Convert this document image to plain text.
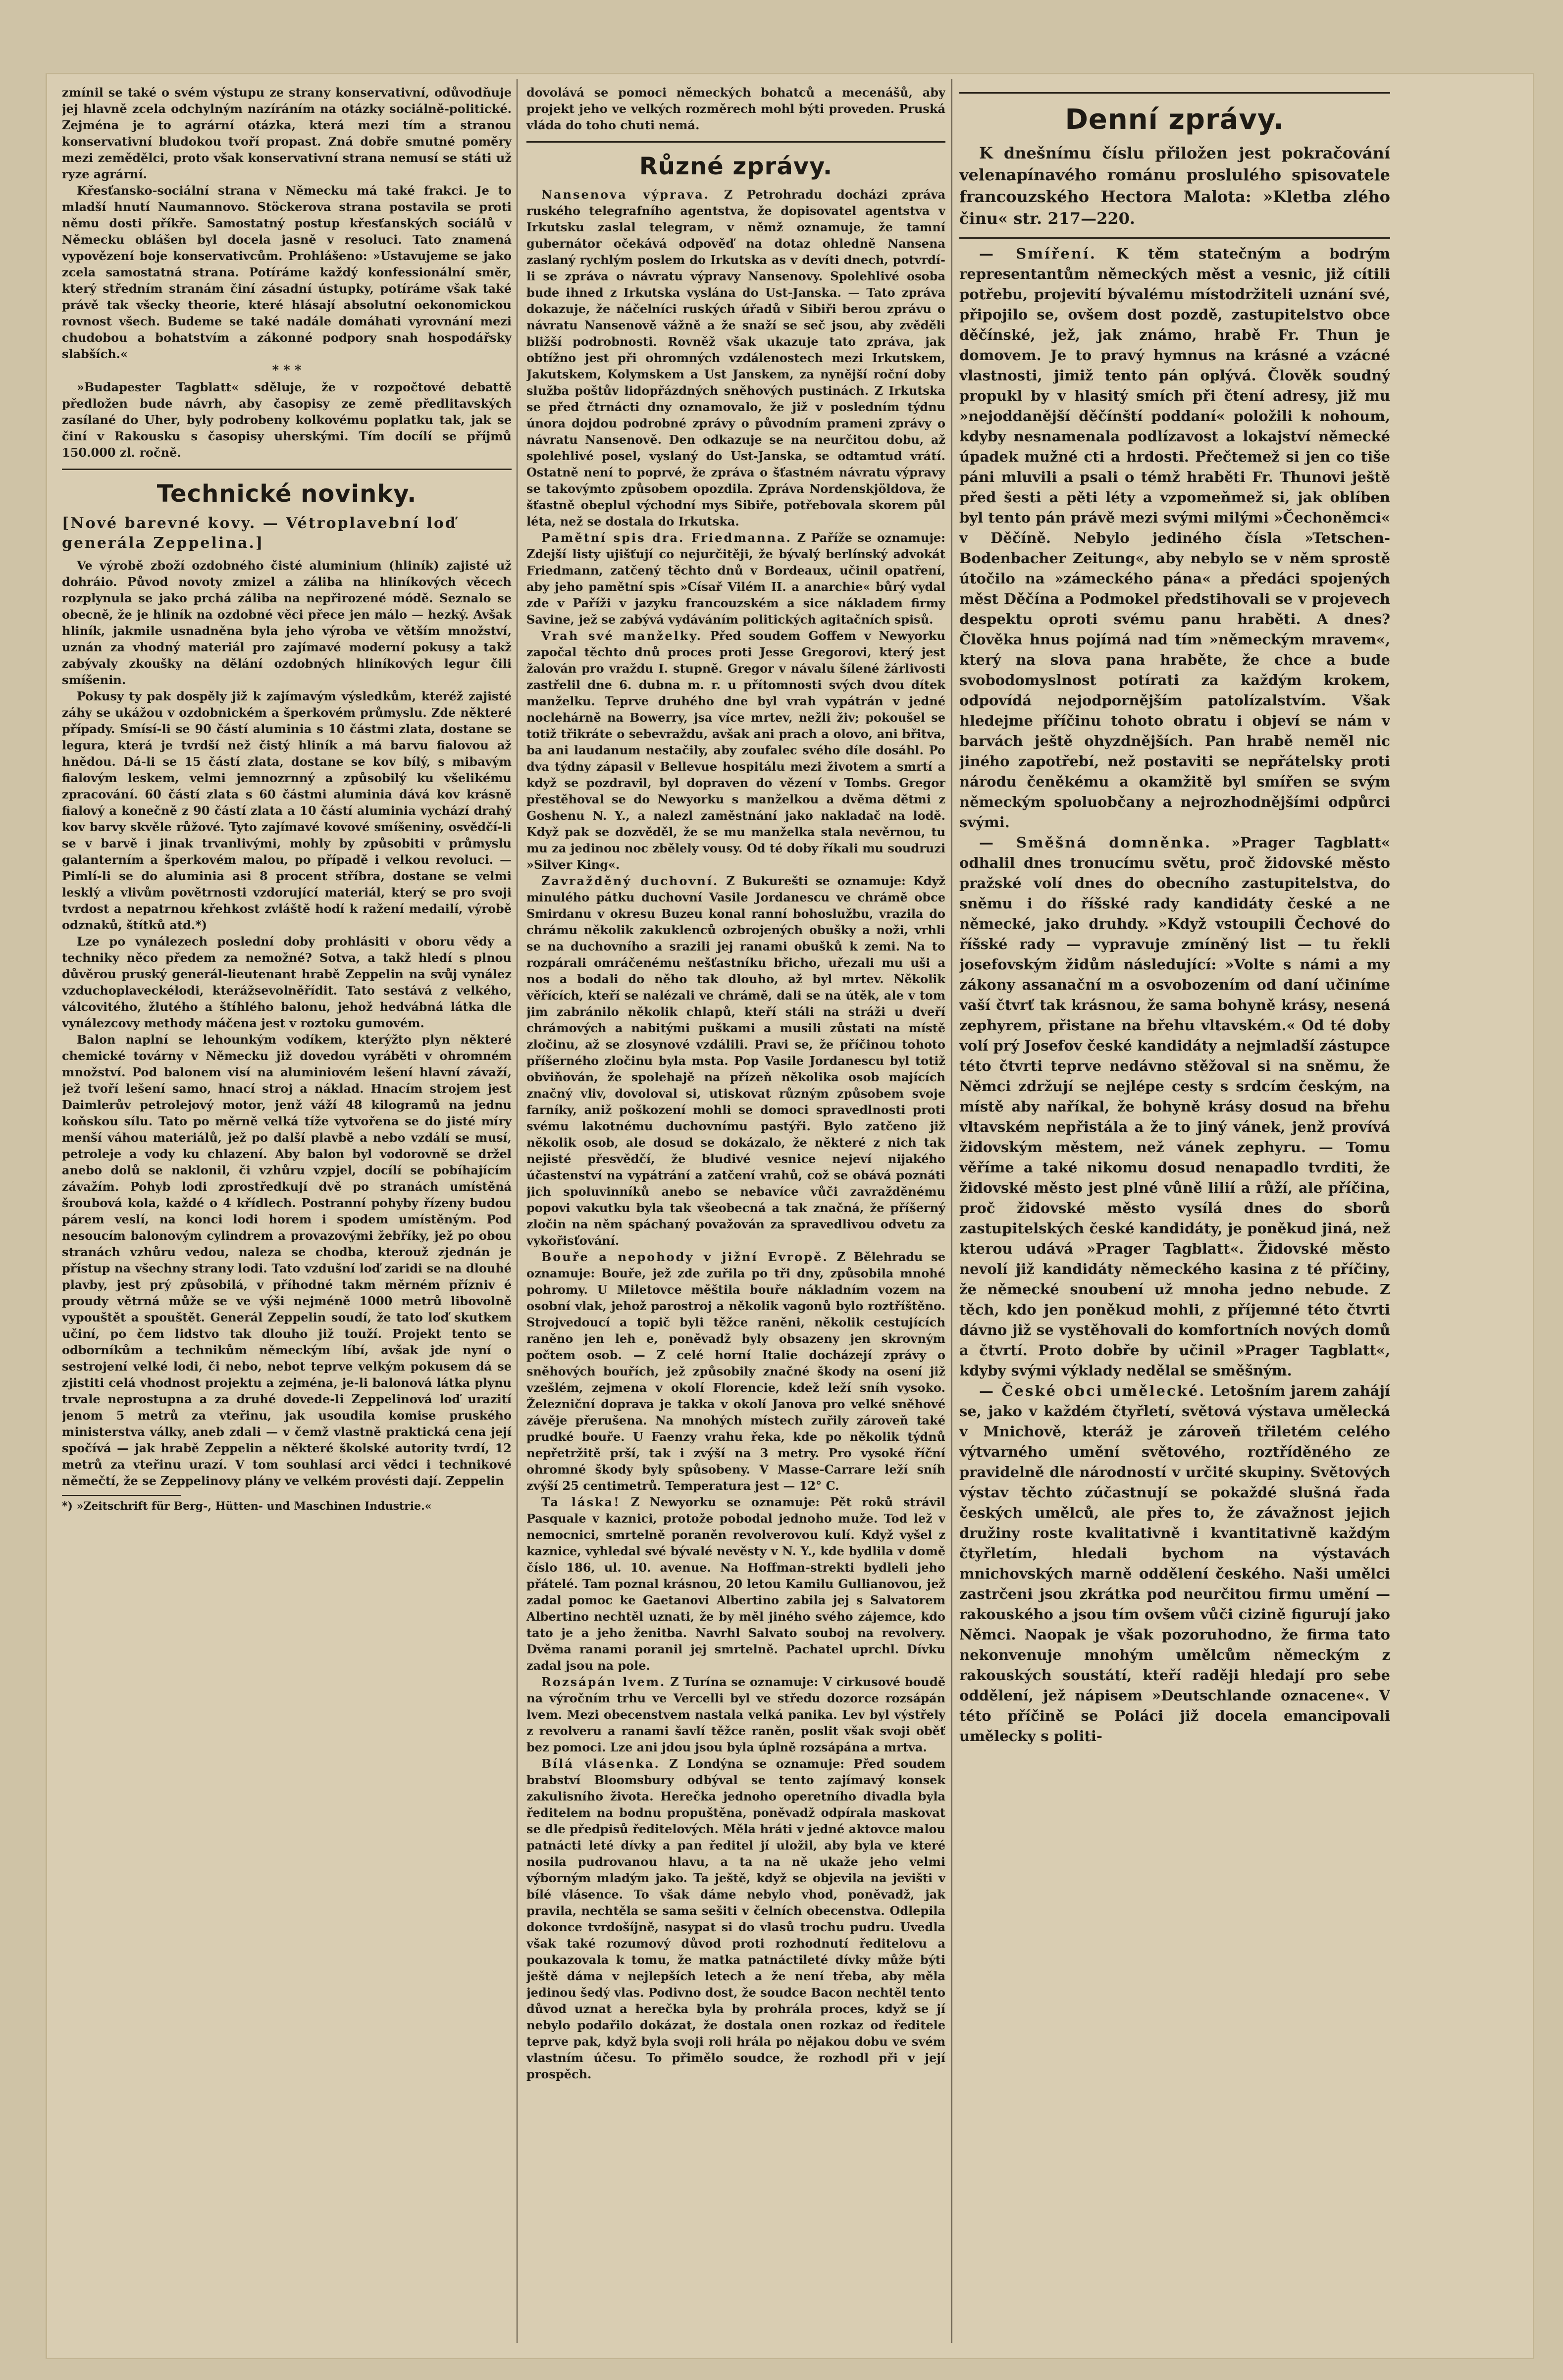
zmínil se také o svém výstupu ze strany konservativní, odůvodňuje jej hlavně zcela odchylným nazíráním na otázky sociálně-politické. Zejména je to agrární otázka, která mezi tím a stranou konservativní bludokou tvoří propast. Zná dobře smutné poměry mezi zemědělci, proto však konservativní strana nemusí se státi už ryze agrární.

Křesťansko-sociální strana v Německu má také frakci. Je to mladší hnutí Naumannovo. Stöckerova strana postavila se proti němu dosti příkře. Samostatný postup křesťanských sociálů v Německu oblášen byl docela jasně v resoluci. Tato znamená vypovězení boje konservativcům. Prohlášeno: »Ustavujeme se jako zcela samostatná strana. Potíráme každý konfessionální směr, který středním stranám činí zásadní ústupky, potíráme však také právě tak všecky theorie, které hlásají absolutní oekonomickou rovnost všech. Budeme se také nadále domáhati vyrovnání mezi chudobou a bohatstvím a zákonné podpory snah hospodářsky slabších.«

* * *

»Budapester Tagblatt« sděluje, že v rozpočtové debattě předložen bude návrh, aby časopisy ze země předlitavských zasílané do Uher, byly podrobeny kolkovému poplatku tak, jak se činí v Rakousku s časopisy uherskými. Tím docílí se příjmů 150.000 zl. ročně.

Technické novinky.

[Nové barevné kovy. — Vétroplavební loď generála Zeppelina.]

Ve výrobě zboží ozdobného čisté aluminium (hliník) zajisté už dohráio. Původ novoty zmizel a záliba na hliníkových věcech rozplynula se jako prchá záliba na nepřirozené módě. Seznalo se obecně, že je hliník na ozdobné věci přece jen málo — hezký. Avšak hliník, jakmile usnadněna byla jeho výroba ve větším množství, uznán za vhodný materiál pro zajímavé moderní pokusy a takž zabývaly zkoušky na dělání ozdobných hliníkových legur čili smíšenin.

Pokusy ty pak dospěly již k zajímavým výsledkům, kteréž zajisté záhy se ukážou v ozdobnickém a šperkovém průmyslu. Zde některé případy. Smísí-li se 90 částí aluminia s 10 částmi zlata, dostane se legura, která je tvrdší než čistý hliník a má barvu fialovou až hnědou. Dá-li se 15 částí zlata, dostane se kov bílý, s mibavým fialovým leskem, velmi jemnozrnný a způsobilý ku všelikému zpracování. 60 částí zlata s 60 částmi aluminia dává kov krásně fialový a konečně z 90 částí zlata a 10 částí aluminia vychází drahý kov barvy skvěle růžové. Tyto zajímavé kovové smíšeniny, osvědčí-li se v barvě i jinak trvanlivými, mohly by způsobiti v průmyslu galanterním a šperkovém malou, po případě i velkou revoluci. — Pimlí-li se do aluminia asi 8 procent stříbra, dostane se velmi lesklý a vlivům povětrnosti vzdorující materiál, který se pro svoji tvrdost a nepatrnou křehkost zvláště hodí k ražení medailí, výrobě odznaků, štítků atd.*)

Lze po vynálezech poslední doby prohlásiti v oboru vědy a techniky něco předem za nemožné? Sotva, a takž hledí s plnou důvěrou pruský generál-lieutenant hrabě Zeppelin na svůj vynález vzduchoplaveckélodi, kterážsevolněřídit. Tato sestává z velkého, válcovitého, žlutého a štíhlého balonu, jehož hedvábná látka dle vynálezcovy methody máčena jest v roztoku gumovém.

Balon naplní se lehounkým vodíkem, kterýžto plyn některé chemické továrny v Německu již dovedou vyráběti v ohromném množství. Pod balonem visí na aluminiovém lešení hlavní závaží, jež tvoří lešení samo, hnací stroj a náklad. Hnacím strojem jest Daimlerův petrolejový motor, jenž váží 48 kilogramů na jednu koňskou sílu. Tato po měrně velká tíže vytvořena se do jisté míry menší váhou materiálů, jež po další plavbě a nebo vzdálí se musí, petroleje a vody ku chlazení. Aby balon byl vodorovně se držel anebo dolů se naklonil, či vzhůru vzpjel, docílí se pobíhajícím závažím. Pohyb lodi zprostředkují dvě po stranách umístěná šroubová kola, každé o 4 křídlech. Postranní pohyby řízeny budou párem veslí, na konci lodi horem i spodem umístěným. Pod nesoucím balonovým cylindrem a provazovými žebříky, jež po obou stranách vzhůru vedou, naleza se chodba, kterouž zjednán je přístup na všechny strany lodi. Tato vzdušní loď zaridi se na dlouhé plavby, jest prý způsobilá, v příhodné takm měrném přízniv é proudy větrná může se ve výši nejméně 1000 metrů libovolně vypouštět a spouštět. Generál Zeppelin soudí, že tato loď skutkem učiní, po čem lidstvo tak dlouho již touží. Projekt tento se odborníkům a technikům německým líbí, avšak jde nyní o sestrojení velké lodi, či nebo, nebot teprve velkým pokusem dá se zjistiti celá vhodnost projektu a zejména, je-li balonová látka plynu trvale neprostupna a za druhé dovede-li Zeppelinová loď urazití jenom 5 metrů za vteřinu, jak usoudila komise pruského ministerstva války, aneb zdali — v čemž vlastně praktická cena její spočívá — jak hrabě Zeppelin a některé školské autority tvrdí, 12 metrů za vteřinu urazí. V tom souhlasí arci vědci i technikové němečtí, že se Zeppelinovy plány ve velkém provésti dají. Zeppelin

*) »Zeitschrift für Berg-, Hütten- und Maschinen Industrie.«

dovolává se pomoci německých bohatců a mecenášů, aby projekt jeho ve velkých rozměrech mohl býti proveden. Pruská vláda do toho chuti nemá.

Různé zprávy.

Nansenova výprava. Z Petrohradu docházi zpráva ruského telegrafního agentstva, že dopisovatel agentstva v Irkutsku zaslal telegram, v němž oznamuje, že tamní gubernátor očekává odpověď na dotaz ohledně Nansena zaslaný rychlým poslem do Irkutska as v devíti dnech, potvrdí-li se zpráva o návratu výpravy Nansenovy. Spolehlivé osoba bude ihned z Irkutska vyslána do Ust-Janska. — Tato zpráva dokazuje, že náčelníci ruských úřadů v Sibiři berou zprávu o návratu Nansenově vážně a že snaží se seč jsou, aby zvěděli bližší podrobnosti. Rovněž však ukazuje tato zpráva, jak obtížno jest při ohromných vzdálenostech mezi Irkutskem, Jakutskem, Kolymskem a Ust Janskem, za nynější roční doby služba poštův lidopřázdných sněhových pustinách. Z Irkutska se před čtrnácti dny oznamovalo, že již v posledním týdnu února dojdou podrobné zprávy o původním prameni zprávy o návratu Nansenově. Den odkazuje se na neurčitou dobu, až spolehlivé posel, vyslaný do Ust-Janska, se odtamtud vrátí. Ostatně není to poprvé, že zpráva o šťastném návratu výpravy se takovýmto způsobem opozdila. Zpráva Nordenskjöldova, že šťastně obeplul východní mys Sibiře, potřebovala skorem půl léta, než se dostala do Irkutska.

Pamětní spis dra. Friedmanna. Z Paříže se oznamuje: Zdejší listy ujišťují co nejurčitěji, že bývalý berlínský advokát Friedmann, zatčený těchto dnů v Bordeaux, učinil opatření, aby jeho pamětní spis »Císař Vilém II. a anarchie« bůrý vydal zde v Paříži v jazyku francouzském a sice nákladem firmy Savine, jež se zabývá vydáváním politických agitačních spisů.

Vrah své manželky. Před soudem Goffem v Newyorku započal těchto dnů proces proti Jesse Gregorovi, který jest žalován pro vraždu I. stupně. Gregor v návalu šílené žárlivosti zastřelil dne 6. dubna m. r. u přítomnosti svých dvou dítek manželku. Teprve druhého dne byl vrah vypátrán v jedné noclehárně na Bowerry, jsa více mrtev, nežli živ; pokoušel se totiž třikráte o sebevraždu, avšak ani prach a olovo, ani břitva, ba ani laudanum nestačily, aby zoufalec svého díle dosáhl. Po dva týdny zápasil v Bellevue hospitálu mezi životem a smrtí a když se pozdravil, byl dopraven do vězení v Tombs. Gregor přestěhoval se do Newyorku s manželkou a dvěma dětmi z Goshenu N. Y., a nalezl zaměstnání jako nakladač na lodě. Když pak se dozvěděl, že se mu manželka stala nevěrnou, tu mu za jedinou noc zbělely vousy. Od té doby říkali mu soudruzi »Silver King«.

Zavražděný duchovní. Z Bukurešti se oznamuje: Když minulého pátku duchovní Vasile Jordanescu ve chrámě obce Smirdanu v okresu Buzeu konal ranní bohoslužbu, vrazila do chrámu několik zakuklenců ozbrojených obušky a noži, vrhli se na duchovního a srazili jej ranami obušků k zemi. Na to rozpárali omráčenému nešťastníku břicho, uřezali mu uši a nos a bodali do něho tak dlouho, až byl mrtev. Několik věřících, kteří se nalézali ve chrámě, dali se na útěk, ale v tom jim zabránilo několik chlapů, kteří stáli na stráži u dveří chrámových a nabitými puškami a musili zůstati na místě zločinu, až se zlosynové vzdálili. Pravi se, že příčinou tohoto příšerného zločinu byla msta. Pop Vasile Jordanescu byl totiž obviňován, že spolehajě na přízeň několika osob majících značný vliv, dovoloval si, utiskovat různým způsobem svoje farníky, aniž poškození mohli se domoci spravedlnosti proti svému lakotnému duchovnímu pastýři. Bylo zatčeno již několik osob, ale dosud se dokázalo, že některé z nich tak nejisté přesvědčí, že bludivé vesnice nejeví nijakého účastenství na vypátrání a zatčení vrahů, což se obává poznáti jich spoluvinníků anebo se nebavíce vůči zavražděnému popovi vakutku byla tak všeobecná a tak značná, že příšerný zločin na něm spáchaný považován za spravedlivou odvetu za vykořisťování.

Bouře a nepohody v jižní Evropě. Z Bělehradu se oznamuje: Bouře, jež zde zuřila po tři dny, způsobila mnohé pohromy. U Miletovce měštila bouře nákladním vozem na osobní vlak, jehož parostroj a několik vagonů bylo roztříštěno. Strojvedoucí a topič byli těžce raněni, několik cestujících raněno jen leh e, poněvadž byly obsazeny jen skrovným počtem osob. — Z celé horní Italie docházejí zprávy o sněhových bouřích, jež způsobily značné škody na osení již vzešlém, zejmena v okolí Florencie, kdež leží sníh vysoko. Železniční doprava je takka v okolí Janova pro velké sněhové závěje přerušena. Na mnohých místech zuřily zároveň také prudké bouře. U Faenzy vrahu řeka, kde po několik týdnů nepřetržitě prší, tak i zvýší na 3 metry. Pro vysoké říční ohromné škody byly spůsobeny. V Masse-Carrare leží sníh zvýší 25 centimetrů. Temperatura jest — 12° C.

Ta láska! Z Newyorku se oznamuje: Pět roků strávil Pasquale v kaznici, protože pobodal jednoho muže. Tod lež v nemocnici, smrtelně poraněn revolverovou kulí. Když vyšel z kaznice, vyhledal své bývalé nevěsty v N. Y., kde bydlila v domě číslo 186, ul. 10. avenue. Na Hoffman-strekti bydleli jeho přátelé. Tam poznal krásnou, 20 letou Kamilu Gullianovou, jež zadal pomoc ke Gaetanovi Albertino zabila jej s Salvatorem Albertino nechtěl uznati, že by měl jiného svého zájemce, kdo tato je a jeho ženitba. Navrhl Salvato souboj na revolvery. Dvěma ranami poranil jej smrtelně. Pachatel uprchl. Dívku zadal jsou na pole.

Rozsápán lvem. Z Turína se oznamuje: V cirkusové boudě na výročním trhu ve Vercelli byl ve středu dozorce rozsápán lvem. Mezi obecenstvem nastala velká panika. Lev byl výstřely z revolveru a ranami šavlí těžce raněn, poslit však svoji oběť bez pomoci. Lze ani jdou jsou byla úplně rozsápána a mrtva.

Bílá vlásenka. Z Londýna se oznamuje: Před soudem brabství Bloomsbury odbýval se tento zajímavý konsek zakulisního života. Herečka jednoho operetního divadla byla ředitelem na bodnu propuštěna, poněvadž odpírala maskovat se dle předpisů ředitelových. Měla hráti v jedné aktovce malou patnácti leté dívky a pan ředitel jí uložil, aby byla ve které nosila pudrovanou hlavu, a ta na ně ukaže jeho velmi výborným mladým jako. Ta ještě, když se objevila na jevišti v bílé vlásence. To však dáme nebylo vhod, poněvadž, jak pravila, nechtěla se sama sešiti v čelních obecenstva. Odlepila dokonce tvrdošíjně, nasypat si do vlasů trochu pudru. Uvedla však také rozumový důvod proti rozhodnutí ředitelovu a poukazovala k tomu, že matka patnáctileté dívky může býti ještě dáma v nejlepších letech a že není třeba, aby měla jedinou šedý vlas. Podivno dost, že soudce Bacon nechtěl tento důvod uznat a herečka byla by prohrála proces, když se jí nebylo podařilo dokázat, že dostala onen rozkaz od ředitele teprve pak, když byla svoji roli hrála po nějakou dobu ve svém vlastním účesu. To přimělo soudce, že rozhodl při v její prospěch.

Denní zprávy.

K dnešnímu číslu přiložen jest pokračování velenapínavého románu proslulého spisovatele francouzského Hectora Malota: »Kletba zlého činu« str. 217—220.

— Smíření. K těm statečným a bodrým representantům německých měst a vesnic, již cítili potřebu, projevití bývalému místodržiteli uznání své, připojilo se, ovšem dost pozdě, zastupitelstvo obce děčínské, jež, jak známo, hrabě Fr. Thun je domovem. Je to pravý hymnus na krásné a vzácné vlastnosti, jimiž tento pán oplývá. Člověk soudný propukl by v hlasitý smích při čtení adresy, již mu »nejoddanější děčínští poddaní« položili k nohoum, kdyby nesnamenala podlízavost a lokajství německé úpadek mužné cti a hrdosti. Přečtemež si jen co tiše páni mluvili a psali o témž hraběti Fr. Thunovi ještě před šesti a pěti léty a vzpomeňmež si, jak oblíben byl tento pán právě mezi svými milými »Čechoněmci« v Děčíně. Nebylo jediného čísla »Tetschen-Bodenbacher Zeitung«, aby nebylo se v něm sprostě útočilo na »zámeckého pána« a předáci spojených měst Děčína a Podmokel předstihovali se v projevech despektu oproti svému panu hraběti. A dnes? Člověka hnus pojímá nad tím »německým mravem«, který na slova pana hraběte, že chce a bude svobodomyslnost potírati za každým krokem, odpovídá nejodpornějším patolízalstvím. Však hledejme příčinu tohoto obratu i objeví se nám v barvách ještě ohyzdnějších. Pan hrabě neměl nic jiného zapotřebí, než postaviti se nepřátelsky proti národu čeněkému a okamžitě byl smířen se svým německým spoluobčany a nejrozhodnějšími odpůrci svými.

— Směšná domněnka. »Prager Tagblatt« odhalil dnes tronucímu světu, proč židovské město pražské volí dnes do obecního zastupitelstva, do sněmu i do říšské rady kandidáty české a ne německé, jako druhdy. »Když vstoupili Čechové do říšské rady — vypravuje zmíněný list — tu řekli josefovským židům následující: »Volte s námi a my zákony assanační m a osvobozením od daní učiníme vaší čtvrť tak krásnou, že sama bohyně krásy, nesená zephyrem, přistane na břehu vltavském.« Od té doby volí prý Josefov české kandidáty a nejmladší zástupce této čtvrti teprve nedávno stěžoval si na sněmu, že Němci zdržují se nejlépe cesty s srdcím českým, na místě aby naříkal, že bohyně krásy dosud na břehu vltavském nepřistála a že to jiný vánek, jenž provívá židovským městem, než vánek zephyru. — Tomu věříme a také nikomu dosud nenapadlo tvrditi, že židovské město jest plné vůně lilií a růží, ale příčina, proč židovské město vysílá dnes do sborů zastupitelských české kandidáty, je poněkud jiná, než kterou udává »Prager Tagblatt«. Židovské město nevolí již kandidáty německého kasina z té příčiny, že německé snoubení už mnoha jedno nebude. Z těch, kdo jen poněkud mohli, z příjemné této čtvrti dávno již se vystěhovali do komfortních nových domů a čtvrtí. Proto dobře by učinil »Prager Tagblatt«, kdyby svými výklady nedělal se směšným.

— České obci umělecké. Letošním jarem zahájí se, jako v každém čtyřletí, světová výstava umělecká v Mnichově, kteráž je zároveň třiletém celého výtvarného umění světového, roztříděného ze pravidelně dle národností v určité skupiny. Světových výstav těchto zúčastnují se pokaždé slušná řada českých umělců, ale přes to, že závažnost jejich družiny roste kvalitativně i kvantitativně každým čtyřletím, hledali bychom na výstavách mnichovských marně oddělení českého. Naši umělci zastrčeni jsou zkrátka pod neurčitou firmu umění — rakouského a jsou tím ovšem vůči cizině figurují jako Němci. Naopak je však pozoruhodno, že firma tato nekonvenuje mnohým umělcům německým z rakouských soustátí, kteří raději hledají pro sebe oddělení, jež nápisem »Deutschlande oznacene«. V této příčině se Poláci již docela emancipovali umělecky s politi-
